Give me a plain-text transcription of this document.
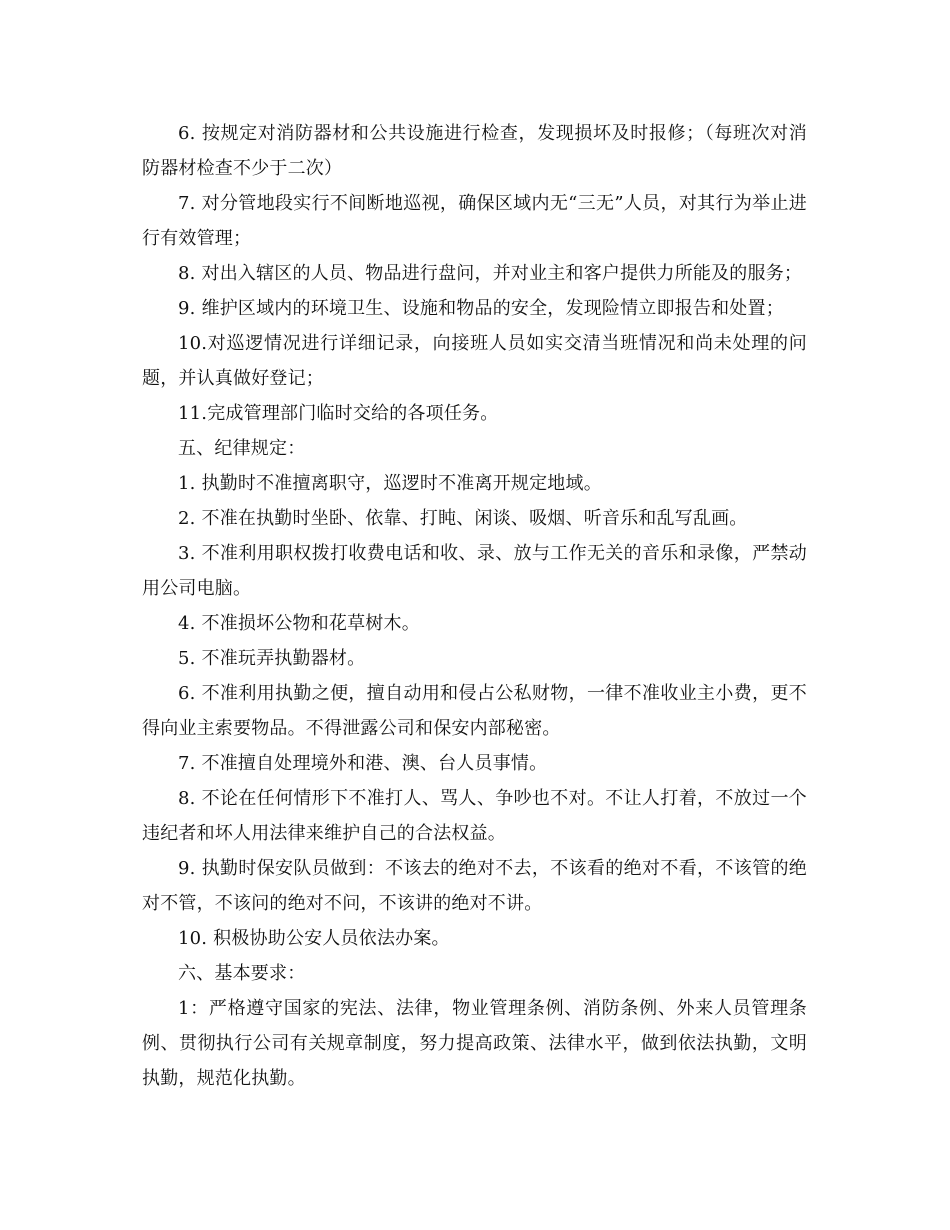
6. 按规定对消防器材和公共设施进行检查，发现损坏及时报修；（每班次对消防器材检查不少于二次）

7. 对分管地段实行不间断地巡视，确保区域内无“三无”人员，对其行为举止进行有效管理；

8. 对出入辖区的人员、物品进行盘问，并对业主和客户提供力所能及的服务；

9. 维护区域内的环境卫生、设施和物品的安全，发现险情立即报告和处置；

10.对巡逻情况进行详细记录，向接班人员如实交清当班情况和尚未处理的问题，并认真做好登记；

11.完成管理部门临时交给的各项任务。

五、纪律规定：

1. 执勤时不准擅离职守，巡逻时不准离开规定地域。

2. 不准在执勤时坐卧、依靠、打盹、闲谈、吸烟、听音乐和乱写乱画。

3. 不准利用职权拨打收费电话和收、录、放与工作无关的音乐和录像，严禁动用公司电脑。

4. 不准损坏公物和花草树木。

5. 不准玩弄执勤器材。

6. 不准利用执勤之便，擅自动用和侵占公私财物，一律不准收业主小费，更不得向业主索要物品。不得泄露公司和保安内部秘密。

7. 不准擅自处理境外和港、澳、台人员事情。

8. 不论在任何情形下不准打人、骂人、争吵也不对。不让人打着，不放过一个违纪者和坏人用法律来维护自己的合法权益。

9. 执勤时保安队员做到：不该去的绝对不去，不该看的绝对不看，不该管的绝对不管，不该问的绝对不问，不该讲的绝对不讲。

10. 积极协助公安人员依法办案。

六、基本要求：

1：严格遵守国家的宪法、法律，物业管理条例、消防条例、外来人员管理条例、贯彻执行公司有关规章制度，努力提高政策、法律水平，做到依法执勤，文明执勤，规范化执勤。
